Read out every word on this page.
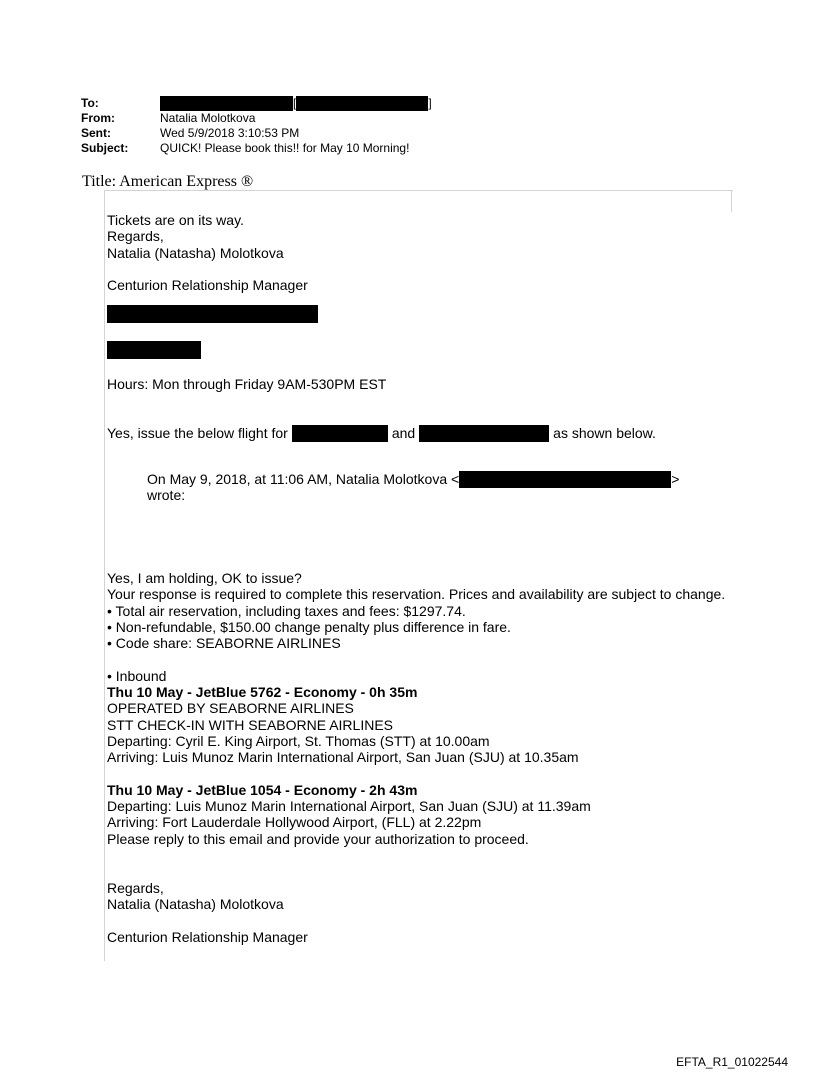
To:	[	]
From:	Natalia Molotkova
Sent:	Wed 5/9/2018 3:10:53 PM
Subject:	QUICK! Please book this!! for May 10 Morning!
Title: American Express ®
Tickets are on its way.
Regards,
Natalia (Natasha) Molotkova
Centurion Relationship Manager
Hours: Mon through Friday 9AM-530PM EST
Yes, issue the below flight for	and	as shown below.
On May 9, 2018, at 11:06 AM, Natalia Molotkova <	>
wrote:
Yes, I am holding, OK to issue?
Your response is required to complete this reservation. Prices and availability are subject to change.
• Total air reservation, including taxes and fees: $1297.74.
• Non-refundable, $150.00 change penalty plus difference in fare.
• Code share: SEABORNE AIRLINES
• Inbound
Thu 10 May - JetBlue 5762 - Economy - 0h 35m
OPERATED BY SEABORNE AIRLINES
STT CHECK-IN WITH SEABORNE AIRLINES
Departing: Cyril E. King Airport, St. Thomas (STT) at 10.00am
Arriving: Luis Munoz Marin International Airport, San Juan (SJU) at 10.35am
Thu 10 May - JetBlue 1054 - Economy - 2h 43m
Departing: Luis Munoz Marin International Airport, San Juan (SJU) at 11.39am
Arriving: Fort Lauderdale Hollywood Airport, (FLL) at 2.22pm
Please reply to this email and provide your authorization to proceed.
Regards,
Natalia (Natasha) Molotkova
Centurion Relationship Manager
EFTA_R1_01022544
